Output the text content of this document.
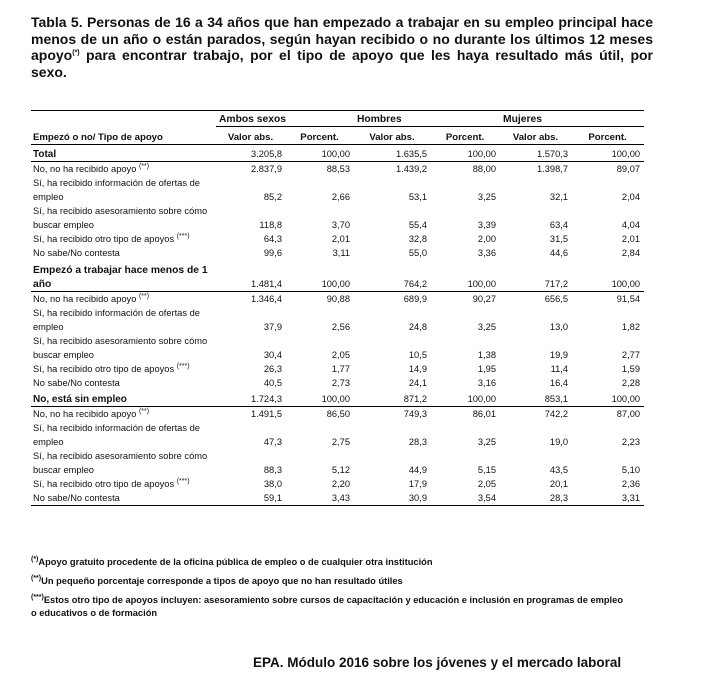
Tabla 5. Personas de 16 a 34 años que han empezado a trabajar en su empleo principal hace menos de un año o están parados, según hayan recibido o no durante los últimos 12 meses apoyo(*) para encontrar trabajo, por el tipo de apoyo que les haya resultado más útil, por sexo.
	Ambos sexos		Hombres		Mujeres	
Empezó o no/ Tipo de apoyo	Valor abs.	Porcent.	Valor abs.	Porcent.	Valor abs.	Porcent.
Total	3.205,8	100,00	1.635,5	100,00	1.570,3	100,00
No, no ha recibido apoyo (**)	2.837,9	88,53	1.439,2	88,00	1.398,7	89,07
Sí, ha recibido información de ofertas de empleo	85,2	2,66	53,1	3,25	32,1	2,04
Sí, ha recibido asesoramiento sobre cómo buscar empleo	118,8	3,70	55,4	3,39	63,4	4,04
Sí, ha recibido otro tipo de apoyos (***)	64,3	2,01	32,8	2,00	31,5	2,01
No sabe/No contesta	99,6	3,11	55,0	3,36	44,6	2,84
Empezó a trabajar hace menos de 1 año	1.481,4	100,00	764,2	100,00	717,2	100,00
No, no ha recibido apoyo (**)	1.346,4	90,88	689,9	90,27	656,5	91,54
Sí, ha recibido información de ofertas de empleo	37,9	2,56	24,8	3,25	13,0	1,82
Sí, ha recibido asesoramiento sobre cómo buscar empleo	30,4	2,05	10,5	1,38	19,9	2,77
Sí, ha recibido otro tipo de apoyos (***)	26,3	1,77	14,9	1,95	11,4	1,59
No sabe/No contesta	40,5	2,73	24,1	3,16	16,4	2,28
No, está sin empleo	1.724,3	100,00	871,2	100,00	853,1	100,00
No, no ha recibido apoyo (**)	1.491,5	86,50	749,3	86,01	742,2	87,00
Sí, ha recibido información de ofertas de empleo	47,3	2,75	28,3	3,25	19,0	2,23
Sí, ha recibido asesoramiento sobre cómo buscar empleo	88,3	5,12	44,9	5,15	43,5	5,10
Sí, ha recibido otro tipo de apoyos (***)	38,0	2,20	17,9	2,05	20,1	2,36
No sabe/No contesta	59,1	3,43	30,9	3,54	28,3	3,31
(*)Apoyo gratuito procedente de la oficina pública de empleo o de cualquier otra institución
(**)Un pequeño porcentaje corresponde a tipos de apoyo que no han resultado útiles
(***)Estos otro tipo de apoyos incluyen: asesoramiento sobre cursos de capacitación y educación e inclusión en programas de empleo o educativos o de formación
EPA. Módulo 2016 sobre los jóvenes y el mercado laboral
